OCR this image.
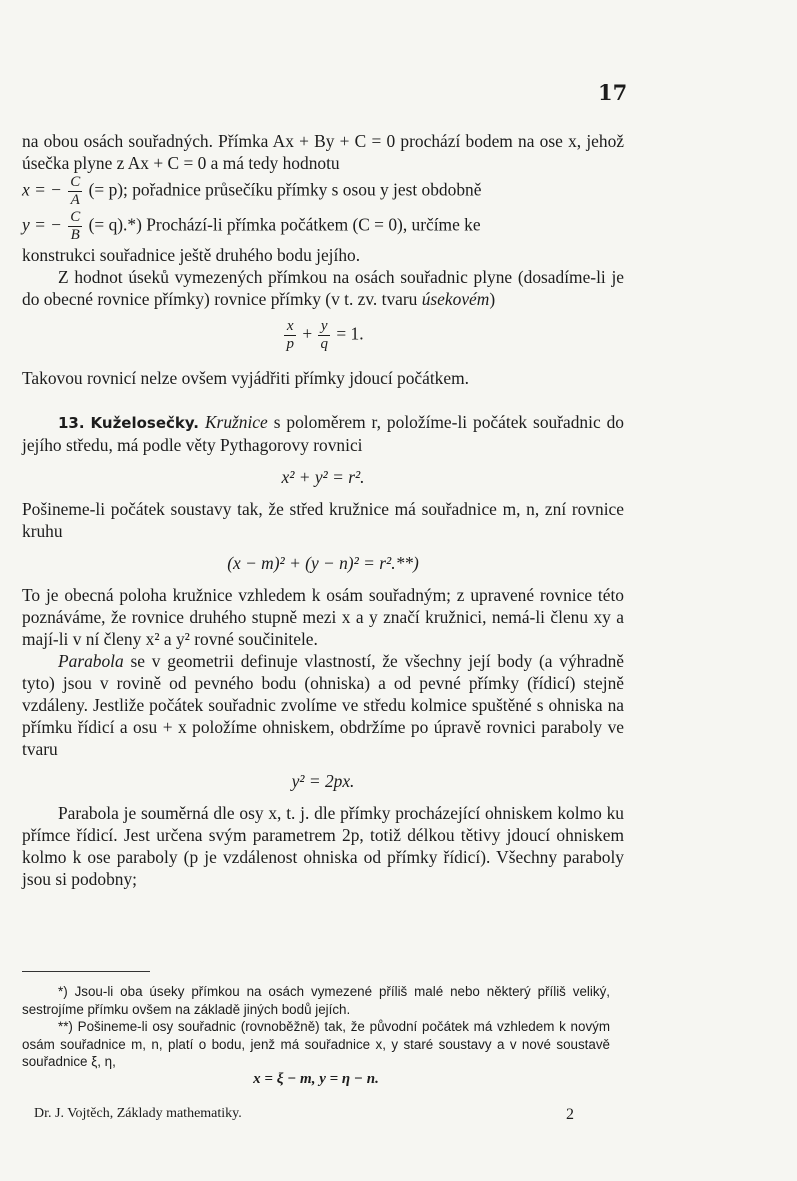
17

na obou osách souřadných. Přímka Ax + By + C = 0 prochází bodem na ose x, jehož úsečka plyne z Ax + C = 0 a má tedy hodnotu

x = − $\frac{C}{A}$ (= p); pořadnice průsečíku přímky s osou y jest obdobně

y = − $\frac{C}{B}$ (= q).*) Prochází-li přímka počátkem (C = 0), určíme ke

konstrukci souřadnice ještě druhého bodu jejího.

Z hodnot úseků vymezených přímkou na osách souřadnic plyne (dosadíme-li je do obecné rovnice přímky) rovnice přímky (v t. zv. tvaru úsekovém)

$\frac{x}{p} + \frac{y}{q} = 1$.

Takovou rovnicí nelze ovšem vyjádřiti přímky jdoucí počátkem.

13. Kuželosečky. Kružnice s poloměrem r, položíme-li počátek souřadnic do jejího středu, má podle věty Pythagorovy rovnici

x² + y² = r².

Pošineme-li počátek soustavy tak, že střed kružnice má souřadnice m, n, zní rovnice kruhu

(x − m)² + (y − n)² = r².**)

To je obecná poloha kružnice vzhledem k osám souřadným; z upravené rovnice této poznáváme, že rovnice druhého stupně mezi x a y značí kružnici, nemá-li členu xy a mají-li v ní členy x² a y² rovné součinitele.

Parabola se v geometrii definuje vlastností, že všechny její body (a výhradně tyto) jsou v rovině od pevného bodu (ohniska) a od pevné přímky (řídicí) stejně vzdáleny. Jestliže počátek souřadnic zvolíme ve středu kolmice spuštěné s ohniska na přímku řídicí a osu + x položíme ohniskem, obdržíme po úpravě rovnici paraboly ve tvaru

y² = 2px.

Parabola je souměrná dle osy x, t. j. dle přímky procházející ohniskem kolmo ku přímce řídicí. Jest určena svým parametrem 2p, totiž délkou tětivy jdoucí ohniskem kolmo k ose paraboly (p je vzdálenost ohniska od přímky řídicí). Všechny paraboly jsou si podobny;

*) Jsou-li oba úseky přímkou na osách vymezené příliš malé nebo některý příliš veliký, sestrojíme přímku ovšem na základě jiných bodů jejích.

**) Pošineme-li osy souřadnic (rovnoběžně) tak, že původní počátek má vzhledem k novým osám souřadnice m, n, platí o bodu, jenž má souřadnice x, y staré soustavy a v nové soustavě souřadnice ξ, η,

x = ξ − m, y = η − n.

Dr. J. Vojtěch, Základy mathematiky.	2
